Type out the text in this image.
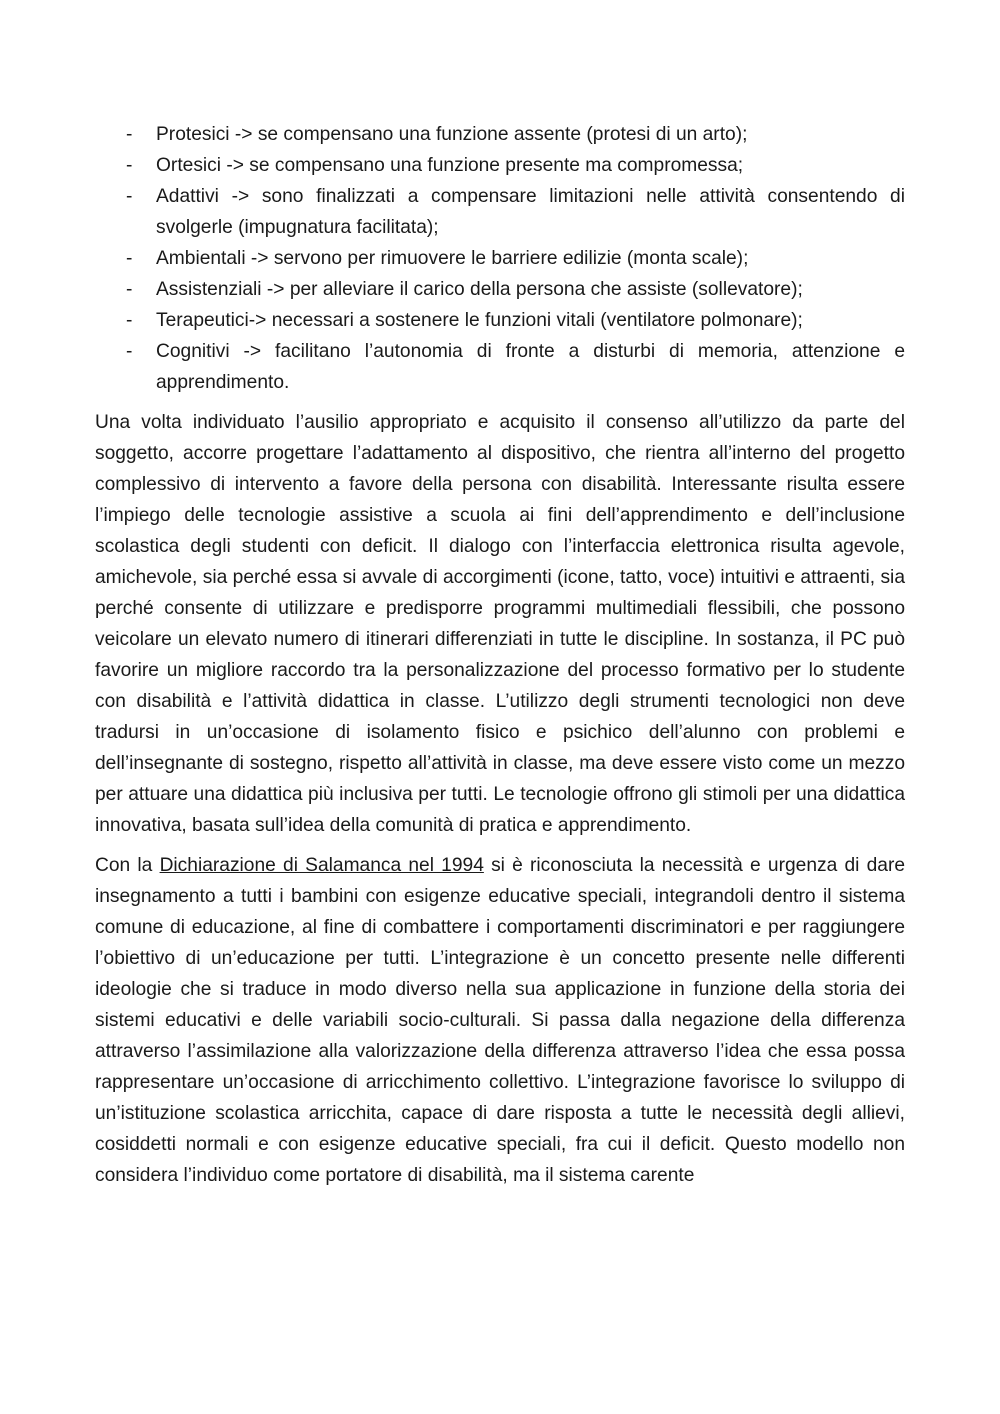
- Protesici -> se compensano una funzione assente (protesi di un arto);
- Ortesici -> se compensano una funzione presente ma compromessa;
- Adattivi -> sono finalizzati a compensare limitazioni nelle attività consentendo di svolgerle (impugnatura facilitata);
- Ambientali -> servono per rimuovere le barriere edilizie (monta scale);
- Assistenziali -> per alleviare il carico della persona che assiste (sollevatore);
- Terapeutici-> necessari a sostenere le funzioni vitali (ventilatore polmonare);
- Cognitivi -> facilitano l’autonomia di fronte a disturbi di memoria, attenzione e apprendimento.

Una volta individuato l’ausilio appropriato e acquisito il consenso all’utilizzo da parte del soggetto, accorre progettare l’adattamento al dispositivo, che rientra all’interno del progetto complessivo di intervento a favore della persona con disabilità. Interessante risulta essere l’impiego delle tecnologie assistive a scuola ai fini dell’apprendimento e dell’inclusione scolastica degli studenti con deficit. Il dialogo con l’interfaccia elettronica risulta agevole, amichevole, sia perché essa si avvale di accorgimenti (icone, tatto, voce) intuitivi e attraenti, sia perché consente di utilizzare e predisporre programmi multimediali flessibili, che possono veicolare un elevato numero di itinerari differenziati in tutte le discipline. In sostanza, il PC può favorire un migliore raccordo tra la personalizzazione del processo formativo per lo studente con disabilità e l’attività didattica in classe. L’utilizzo degli strumenti tecnologici non deve tradursi in un’occasione di isolamento fisico e psichico dell’alunno con problemi e dell’insegnante di sostegno, rispetto all’attività in classe, ma deve essere visto come un mezzo per attuare una didattica più inclusiva per tutti. Le tecnologie offrono gli stimoli per una didattica innovativa, basata sull’idea della comunità di pratica e apprendimento.

Con la Dichiarazione di Salamanca nel 1994 si è riconosciuta la necessità e urgenza di dare insegnamento a tutti i bambini con esigenze educative speciali, integrandoli dentro il sistema comune di educazione, al fine di combattere i comportamenti discriminatori e per raggiungere l’obiettivo di un’educazione per tutti. L’integrazione è un concetto presente nelle differenti ideologie che si traduce in modo diverso nella sua applicazione in funzione della storia dei sistemi educativi e delle variabili socio-culturali. Si passa dalla negazione della differenza attraverso l’assimilazione alla valorizzazione della differenza attraverso l’idea che essa possa rappresentare un’occasione di arricchimento collettivo. L’integrazione favorisce lo sviluppo di un’istituzione scolastica arricchita, capace di dare risposta a tutte le necessità degli allievi, cosiddetti normali e con esigenze educative speciali, fra cui il deficit. Questo modello non considera l’individuo come portatore di disabilità, ma il sistema carente
